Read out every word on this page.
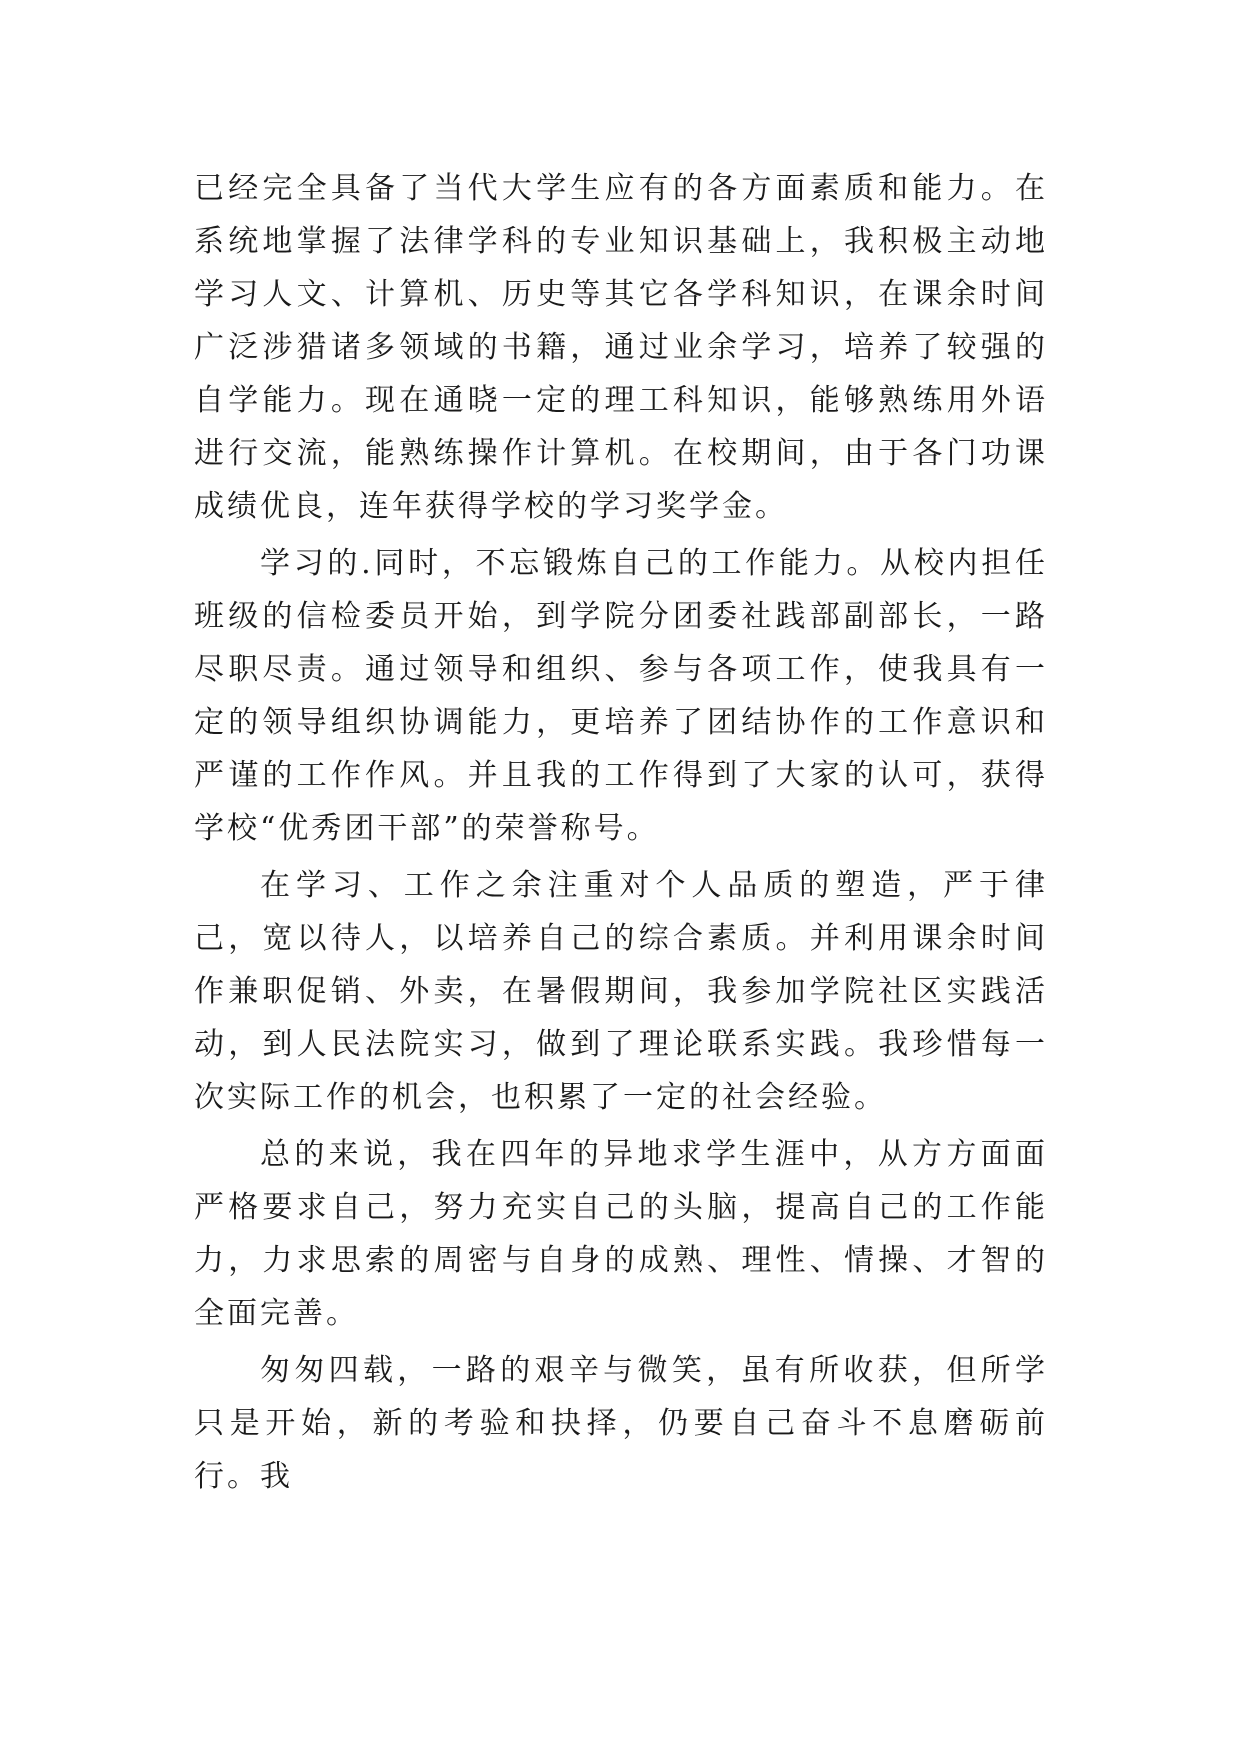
已经完全具备了当代大学生应有的各方面素质和能力。在系统地掌握了法律学科的专业知识基础上，我积极主动地学习人文、计算机、历史等其它各学科知识，在课余时间广泛涉猎诸多领域的书籍，通过业余学习，培养了较强的自学能力。现在通晓一定的理工科知识，能够熟练用外语进行交流，能熟练操作计算机。在校期间，由于各门功课成绩优良，连年获得学校的学习奖学金。

学习的.同时，不忘锻炼自己的工作能力。从校内担任班级的信检委员开始，到学院分团委社践部副部长，一路尽职尽责。通过领导和组织、参与各项工作，使我具有一定的领导组织协调能力，更培养了团结协作的工作意识和严谨的工作作风。并且我的工作得到了大家的认可，获得学校“优秀团干部”的荣誉称号。

在学习、工作之余注重对个人品质的塑造，严于律己，宽以待人，以培养自己的综合素质。并利用课余时间作兼职促销、外卖，在暑假期间，我参加学院社区实践活动，到人民法院实习，做到了理论联系实践。我珍惜每一次实际工作的机会，也积累了一定的社会经验。

总的来说，我在四年的异地求学生涯中，从方方面面严格要求自己，努力充实自己的头脑，提高自己的工作能力，力求思索的周密与自身的成熟、理性、情操、才智的全面完善。

匆匆四载，一路的艰辛与微笑，虽有所收获，但所学只是开始，新的考验和抉择，仍要自己奋斗不息磨砺前行。我
